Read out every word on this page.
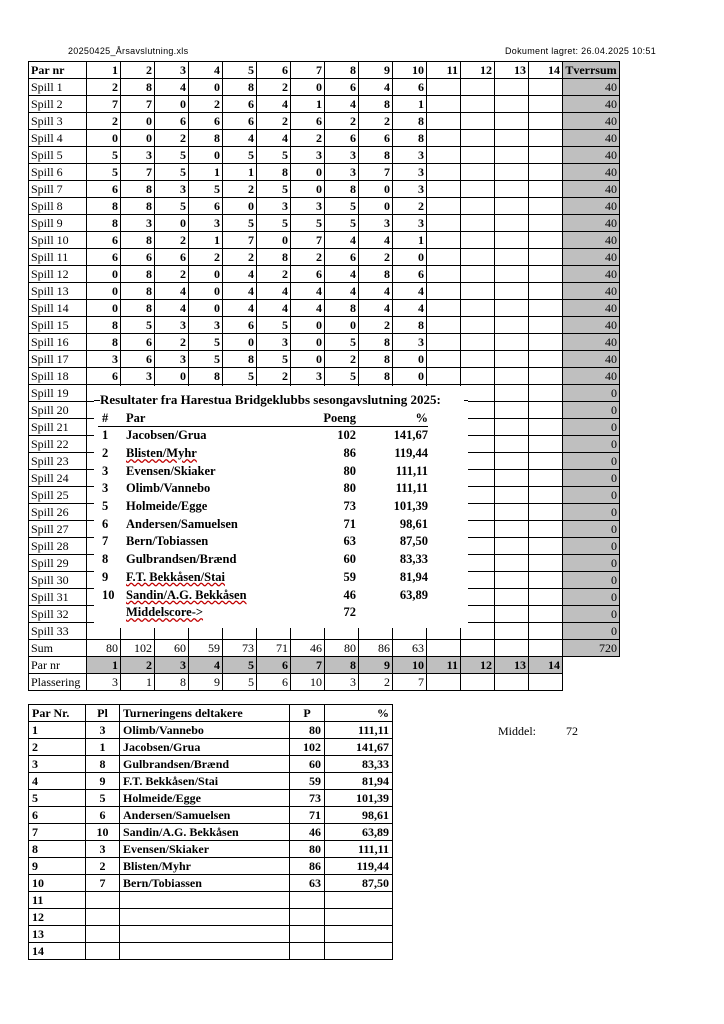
20250425_Årsavslutning.xls	Dokument lagret: 26.04.2025 10:51
Par nr	1	2	3	4	5	6	7	8	9	10	11	12	13	14	Tverrsum
Spill 1	2	8	4	0	8	2	0	6	4	6					40
Spill 2	7	7	0	2	6	4	1	4	8	1					40
Spill 3	2	0	6	6	6	2	6	2	2	8					40
Spill 4	0	0	2	8	4	4	2	6	6	8					40
Spill 5	5	3	5	0	5	5	3	3	8	3					40
Spill 6	5	7	5	1	1	8	0	3	7	3					40
Spill 7	6	8	3	5	2	5	0	8	0	3					40
Spill 8	8	8	5	6	0	3	3	5	0	2					40
Spill 9	8	3	0	3	5	5	5	5	3	3					40
Spill 10	6	8	2	1	7	0	7	4	4	1					40
Spill 11	6	6	6	2	2	8	2	6	2	0					40
Spill 12	0	8	2	0	4	2	6	4	8	6					40
Spill 13	0	8	4	0	4	4	4	4	4	4					40
Spill 14	0	8	4	0	4	4	4	8	4	4					40
Spill 15	8	5	3	3	6	5	0	0	2	8					40
Spill 16	8	6	2	5	0	3	0	5	8	3					40
Spill 17	3	6	3	5	8	5	0	2	8	0					40
Spill 18	6	3	0	8	5	2	3	5	8	0					40
Spill 19															0
Spill 20															0
Spill 21															0
Spill 22															0
Spill 23															0
Spill 24															0
Spill 25															0
Spill 26															0
Spill 27															0
Spill 28															0
Spill 29															0
Spill 30															0
Spill 31															0
Spill 32															0
Spill 33															0
Sum	80	102	60	59	73	71	46	80	86	63					720
Par nr	1	2	3	4	5	6	7	8	9	10	11	12	13	14	
Plassering	3	1	8	9	5	6	10	3	2	7					
Resultater fra Harestua Bridgeklubbs sesongavslutning 2025:
#	Par	Poeng	%
1	Jacobsen/Grua	102	141,67
2	Blisten/Myhr	86	119,44
3	Evensen/Skiaker	80	111,11
3	Olimb/Vannebo	80	111,11
5	Holmeide/Egge	73	101,39
6	Andersen/Samuelsen	71	98,61
7	Bern/Tobiassen	63	87,50
8	Gulbrandsen/Brænd	60	83,33
9	F.T. Bekkåsen/Stai	59	81,94
10	Sandin/A.G. Bekkåsen	46	63,89
	Middelscore->	72	
Par Nr.	Pl	Turneringens deltakere	P	%
1	3	Olimb/Vannebo	80	111,11
2	1	Jacobsen/Grua	102	141,67
3	8	Gulbrandsen/Brænd	60	83,33
4	9	F.T. Bekkåsen/Stai	59	81,94
5	5	Holmeide/Egge	73	101,39
6	6	Andersen/Samuelsen	71	98,61
7	10	Sandin/A.G. Bekkåsen	46	63,89
8	3	Evensen/Skiaker	80	111,11
9	2	Blisten/Myhr	86	119,44
10	7	Bern/Tobiassen	63	87,50
11				
12				
13				
14				
Middel:	72
